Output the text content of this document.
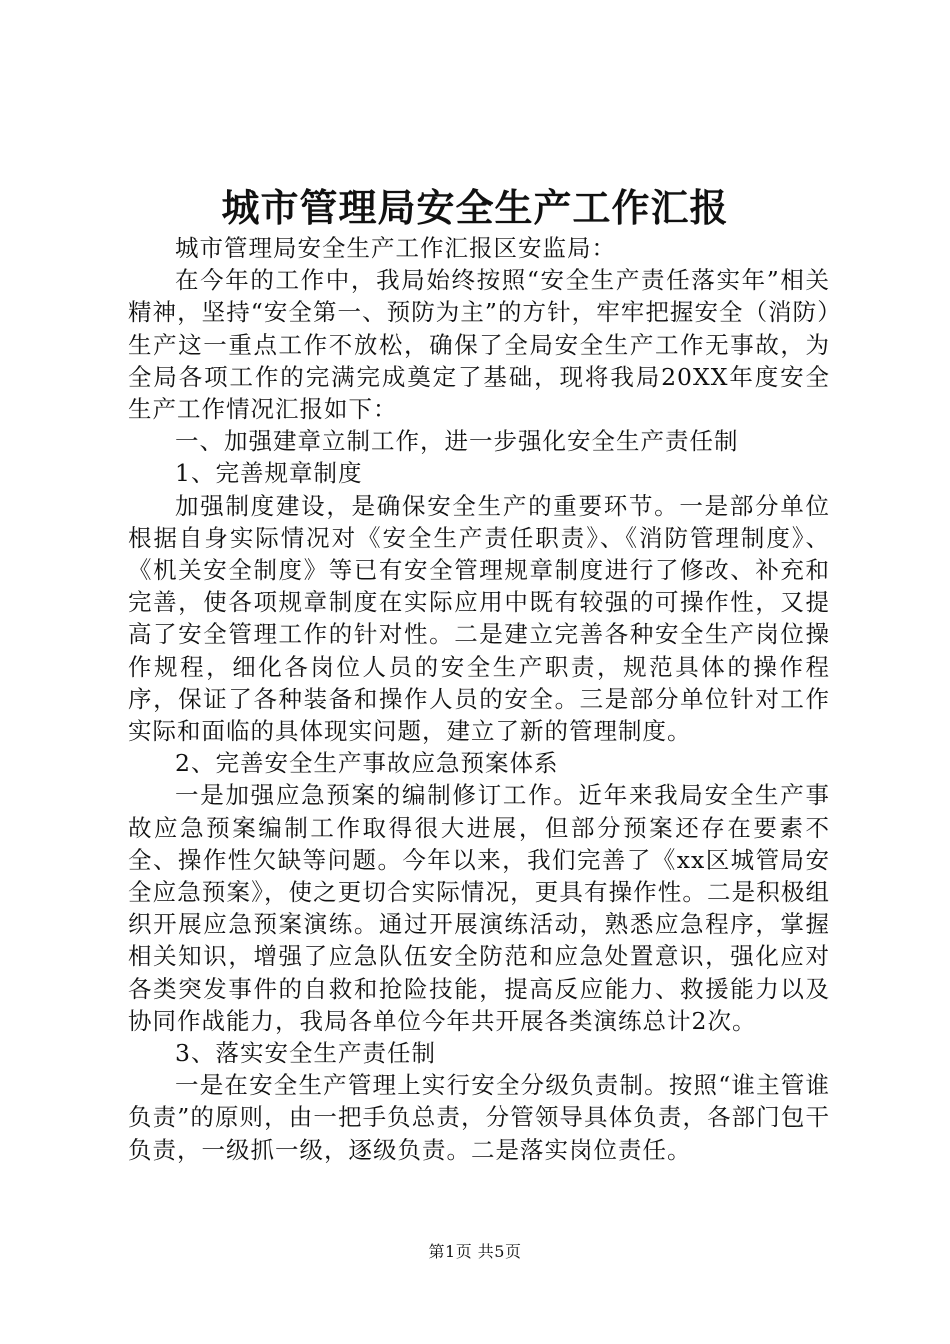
城市管理局安全生产工作汇报

城市管理局安全生产工作汇报区安监局：

在今年的工作中，我局始终按照“安全生产责任落实年”相关精神，坚持“安全第一、预防为主”的方针，牢牢把握安全（消防）生产这一重点工作不放松，确保了全局安全生产工作无事故，为全局各项工作的完满完成奠定了基础，现将我局20XX年度安全生产工作情况汇报如下：

一、加强建章立制工作，进一步强化安全生产责任制

1、完善规章制度

加强制度建设，是确保安全生产的重要环节。一是部分单位根据自身实际情况对《安全生产责任职责》、《消防管理制度》、《机关安全制度》等已有安全管理规章制度进行了修改、补充和完善，使各项规章制度在实际应用中既有较强的可操作性，又提高了安全管理工作的针对性。二是建立完善各种安全生产岗位操作规程，细化各岗位人员的安全生产职责，规范具体的操作程序，保证了各种装备和操作人员的安全。三是部分单位针对工作实际和面临的具体现实问题，建立了新的管理制度。

2、完善安全生产事故应急预案体系

一是加强应急预案的编制修订工作。近年来我局安全生产事故应急预案编制工作取得很大进展，但部分预案还存在要素不全、操作性欠缺等问题。今年以来，我们完善了《xx区城管局安全应急预案》，使之更切合实际情况，更具有操作性。二是积极组织开展应急预案演练。通过开展演练活动，熟悉应急程序，掌握相关知识，增强了应急队伍安全防范和应急处置意识，强化应对各类突发事件的自救和抢险技能，提高反应能力、救援能力以及协同作战能力，我局各单位今年共开展各类演练总计2次。

3、落实安全生产责任制

一是在安全生产管理上实行安全分级负责制。按照“谁主管谁负责”的原则，由一把手负总责，分管领导具体负责，各部门包干负责，一级抓一级，逐级负责。二是落实岗位责任。

第1页 共5页
